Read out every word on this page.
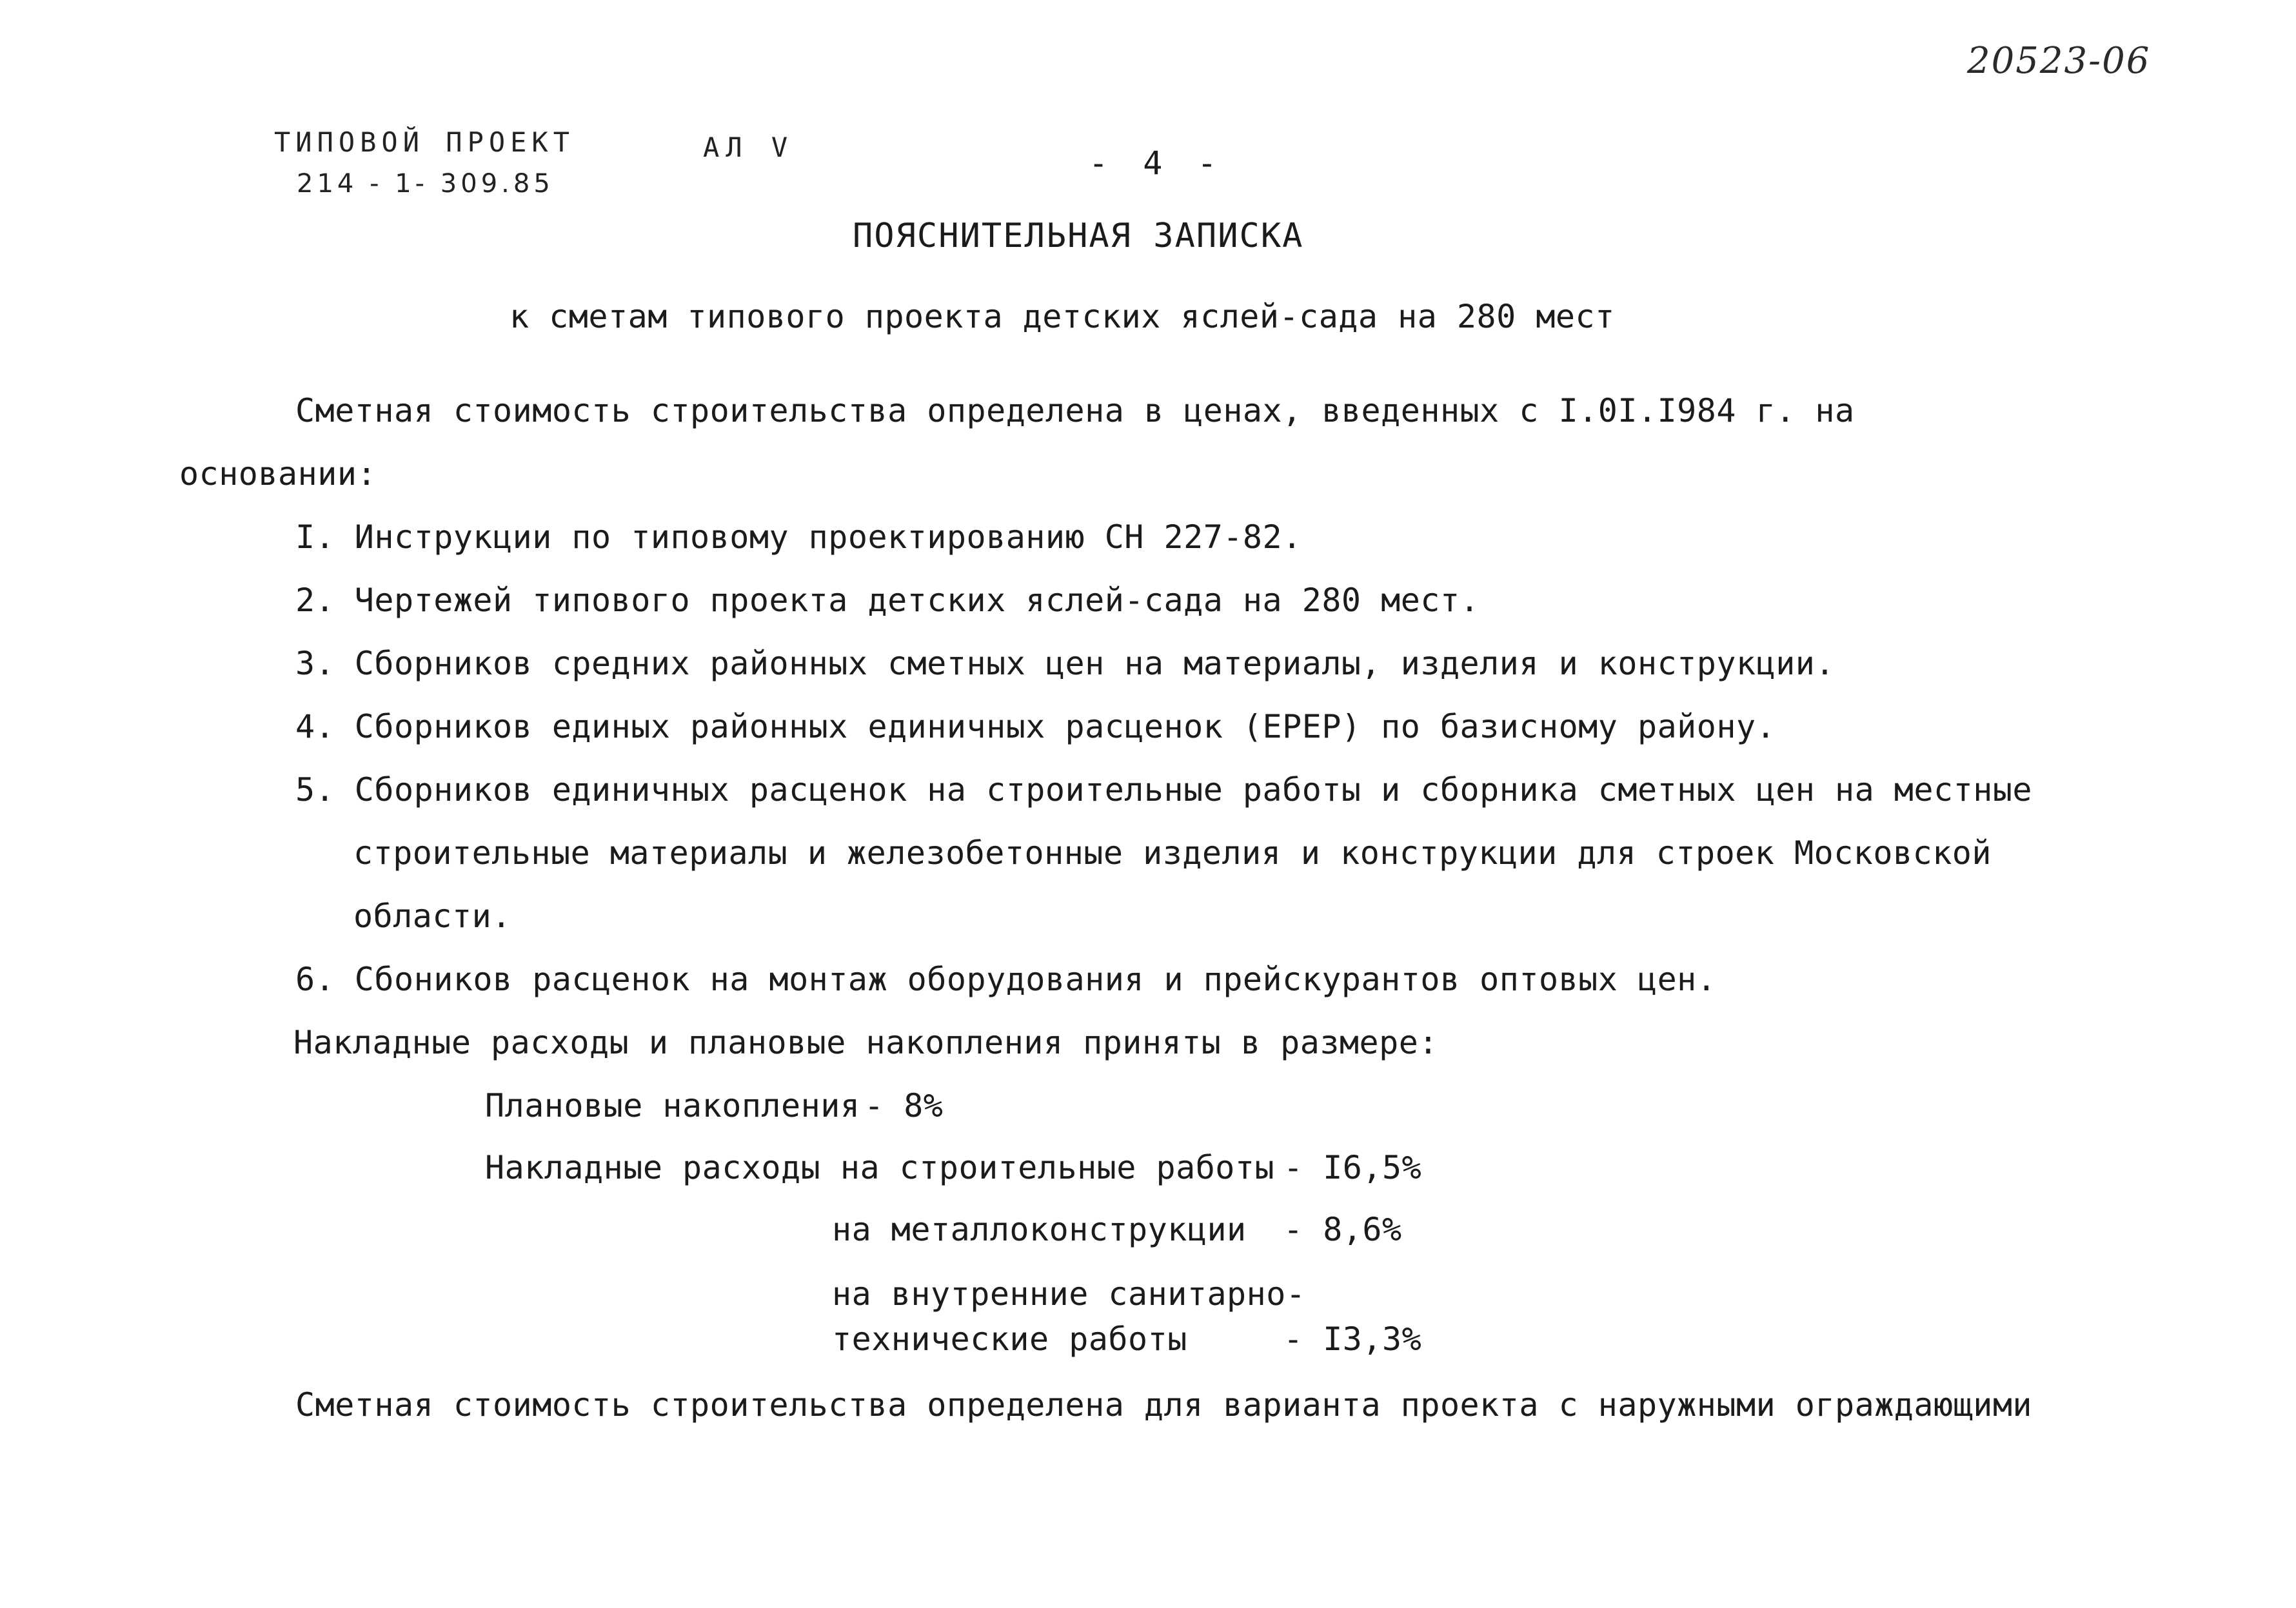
ТИПОВОЙ ПРОЕКТ
214 - 1- 309.85
АЛ V	- 4 -
20523-06
ПОЯСНИТЕЛЬНАЯ ЗАПИСКА
к сметам типового проекта детских яслей-сада на 280 мест
Сметная стоимость строительства определена в ценах, введенных с I.0I.I984 г. на
основании:
I. Инструкции по типовому проектированию СН 227-82.
2. Чертежей типового проекта детских яслей-сада на 280 мест.
3. Сборников средних районных сметных цен на материалы, изделия и конструкции.
4. Сборников единых районных единичных расценок (ЕРЕР) по базисному району.
5. Сборников единичных расценок на строительные работы и сборника сметных цен на местные
строительные материалы и железобетонные изделия и конструкции для строек Московской
области.
6. Сбоников расценок на монтаж оборудования и прейскурантов оптовых цен.
Накладные расходы и плановые накопления приняты в размере:
Плановые накопления - 8%
Накладные расходы на строительные работы - I6,5%
на металлоконструкции - 8,6%
на внутренние санитарно-
технические работы	- I3,3%
Сметная стоимость строительства определена для варианта проекта с наружными ограждающими
